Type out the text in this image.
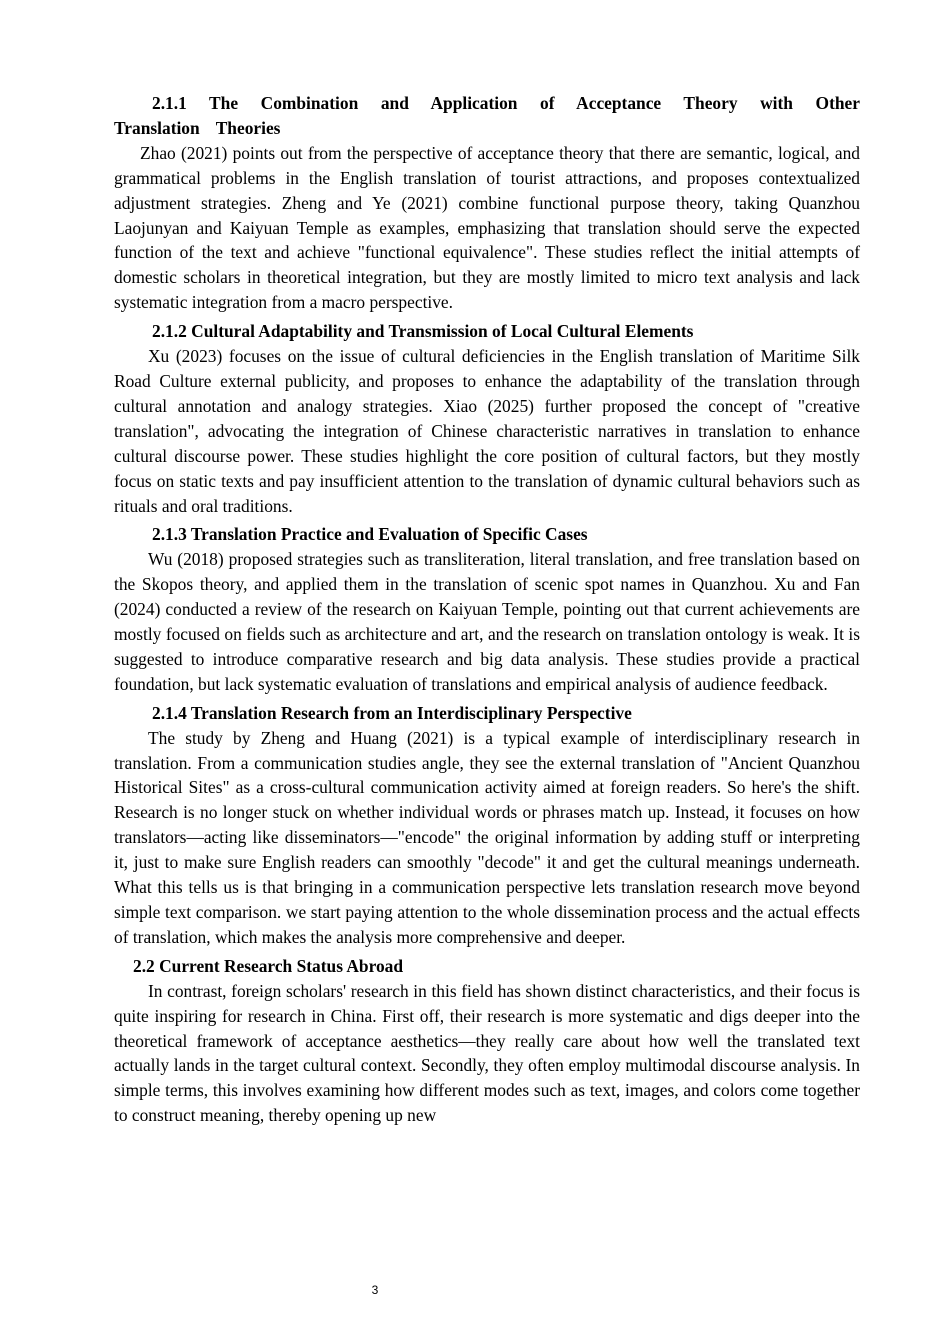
2.1.1 The Combination and Application of Acceptance Theory with Other Translation Theories

Zhao (2021) points out from the perspective of acceptance theory that there are semantic, logical, and grammatical problems in the English translation of tourist attractions, and proposes contextualized adjustment strategies. Zheng and Ye (2021) combine functional purpose theory, taking Quanzhou Laojunyan and Kaiyuan Temple as examples, emphasizing that translation should serve the expected function of the text and achieve "functional equivalence". These studies reflect the initial attempts of domestic scholars in theoretical integration, but they are mostly limited to micro text analysis and lack systematic integration from a macro perspective.

2.1.2 Cultural Adaptability and Transmission of Local Cultural Elements

Xu (2023) focuses on the issue of cultural deficiencies in the English translation of Maritime Silk Road Culture external publicity, and proposes to enhance the adaptability of the translation through cultural annotation and analogy strategies. Xiao (2025) further proposed the concept of "creative translation", advocating the integration of Chinese characteristic narratives in translation to enhance cultural discourse power. These studies highlight the core position of cultural factors, but they mostly focus on static texts and pay insufficient attention to the translation of dynamic cultural behaviors such as rituals and oral traditions.

2.1.3 Translation Practice and Evaluation of Specific Cases

Wu (2018) proposed strategies such as transliteration, literal translation, and free translation based on the Skopos theory, and applied them in the translation of scenic spot names in Quanzhou. Xu and Fan (2024) conducted a review of the research on Kaiyuan Temple, pointing out that current achievements are mostly focused on fields such as architecture and art, and the research on translation ontology is weak. It is suggested to introduce comparative research and big data analysis. These studies provide a practical foundation, but lack systematic evaluation of translations and empirical analysis of audience feedback.

2.1.4 Translation Research from an Interdisciplinary Perspective

The study by Zheng and Huang (2021) is a typical example of interdisciplinary research in translation. From a communication studies angle, they see the external translation of "Ancient Quanzhou Historical Sites" as a cross-cultural communication activity aimed at foreign readers. So here's the shift. Research is no longer stuck on whether individual words or phrases match up. Instead, it focuses on how translators—acting like disseminators—"encode" the original information by adding stuff or interpreting it, just to make sure English readers can smoothly "decode" it and get the cultural meanings underneath. What this tells us is that bringing in a communication perspective lets translation research move beyond simple text comparison. we start paying attention to the whole dissemination process and the actual effects of translation, which makes the analysis more comprehensive and deeper.

2.2 Current Research Status Abroad

In contrast, foreign scholars' research in this field has shown distinct characteristics, and their focus is quite inspiring for research in China. First off, their research is more systematic and digs deeper into the theoretical framework of acceptance aesthetics—they really care about how well the translated text actually lands in the target cultural context. Secondly, they often employ multimodal discourse analysis. In simple terms, this involves examining how different modes such as text, images, and colors come together to construct meaning, thereby opening up new

3
